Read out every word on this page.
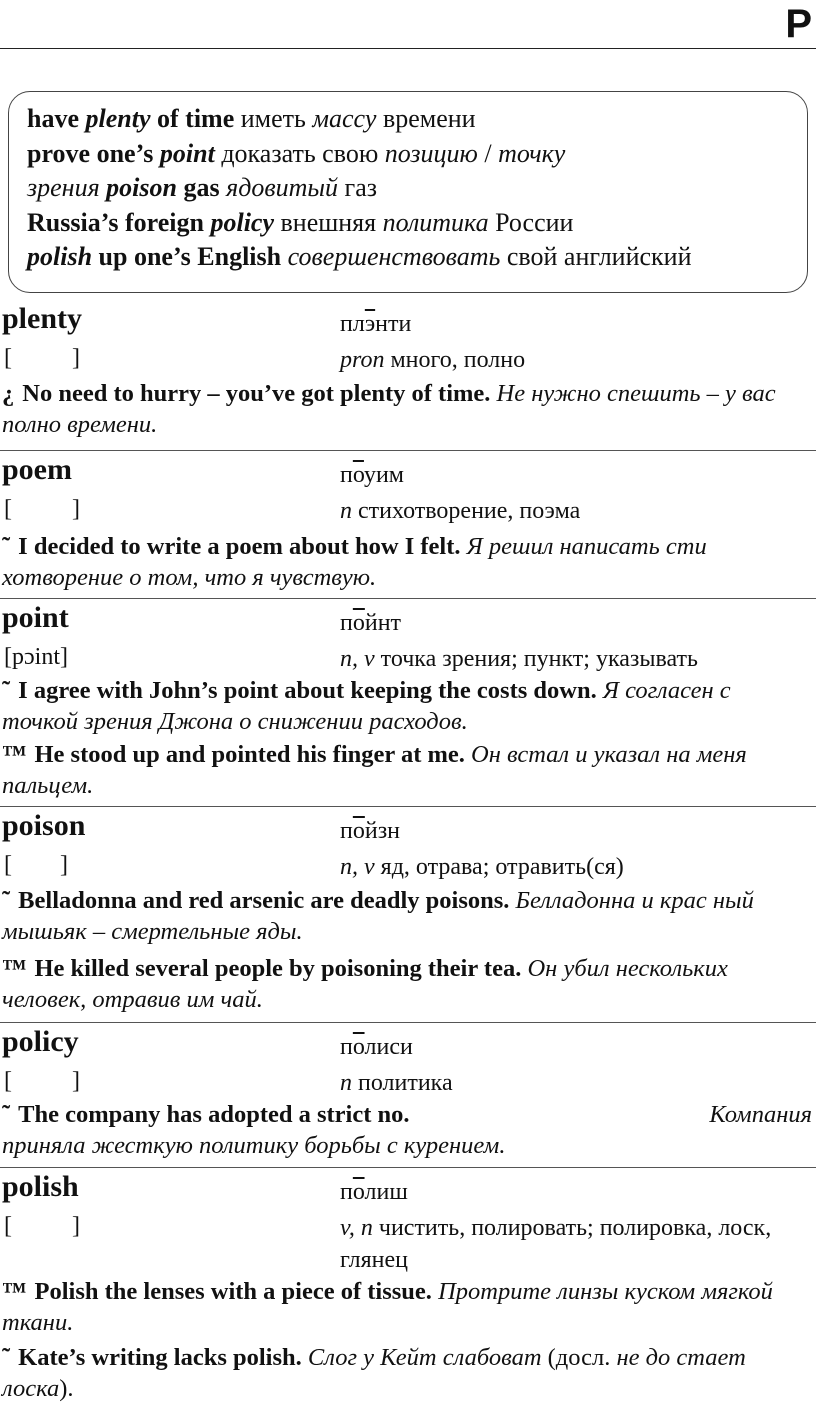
P
have plenty of time иметь массу времени
prove one’s point доказать свою позицию / точку
зрения poison gas ядовитый газ
Russia’s foreign policy внешняя политика России
polish up one’s English совершенствовать свой английский
plenty	плэнти
[          ]	pron много, полно
¿ No need to hurry – you’ve got plenty of time. Не нужно спешить – у вас полно времени.
poem	поуим
[          ]	n стихотворение, поэма
˜ I decided to write a poem about how I felt. Я решил написать сти хотворение о том, что я чувствую.
point	пойнт
[pɔint]	n, v точка зрения; пункт; указывать
˜ I agree with John’s point about keeping the costs down. Я согласен с точкой зрения Джона о снижении расходов.
™ He stood up and pointed his finger at me. Он встал и указал на меня пальцем.
poison	пойзн
[        ]	n, v яд, отрава; отравить(ся)
˜ Belladonna and red arsenic are deadly poisons. Белладонна и крас ный мышьяк – смертельные яды.
™ He killed several people by poisoning their tea. Он убил нескольких человек, отравив им чай.
policy	полиси
[          ]	n политика
Компания
˜ The company has adopted a strict no.
приняла жесткую политику борьбы с курением.
polish	полиш
[          ]	v, n чистить, полировать; полировка, лоск, глянец
™ Polish the lenses with a piece of tissue. Протрите линзы куском мягкой ткани.
˜ Kate’s writing lacks polish. Слог у Кейт слабоват (досл. не до стает лоска).
